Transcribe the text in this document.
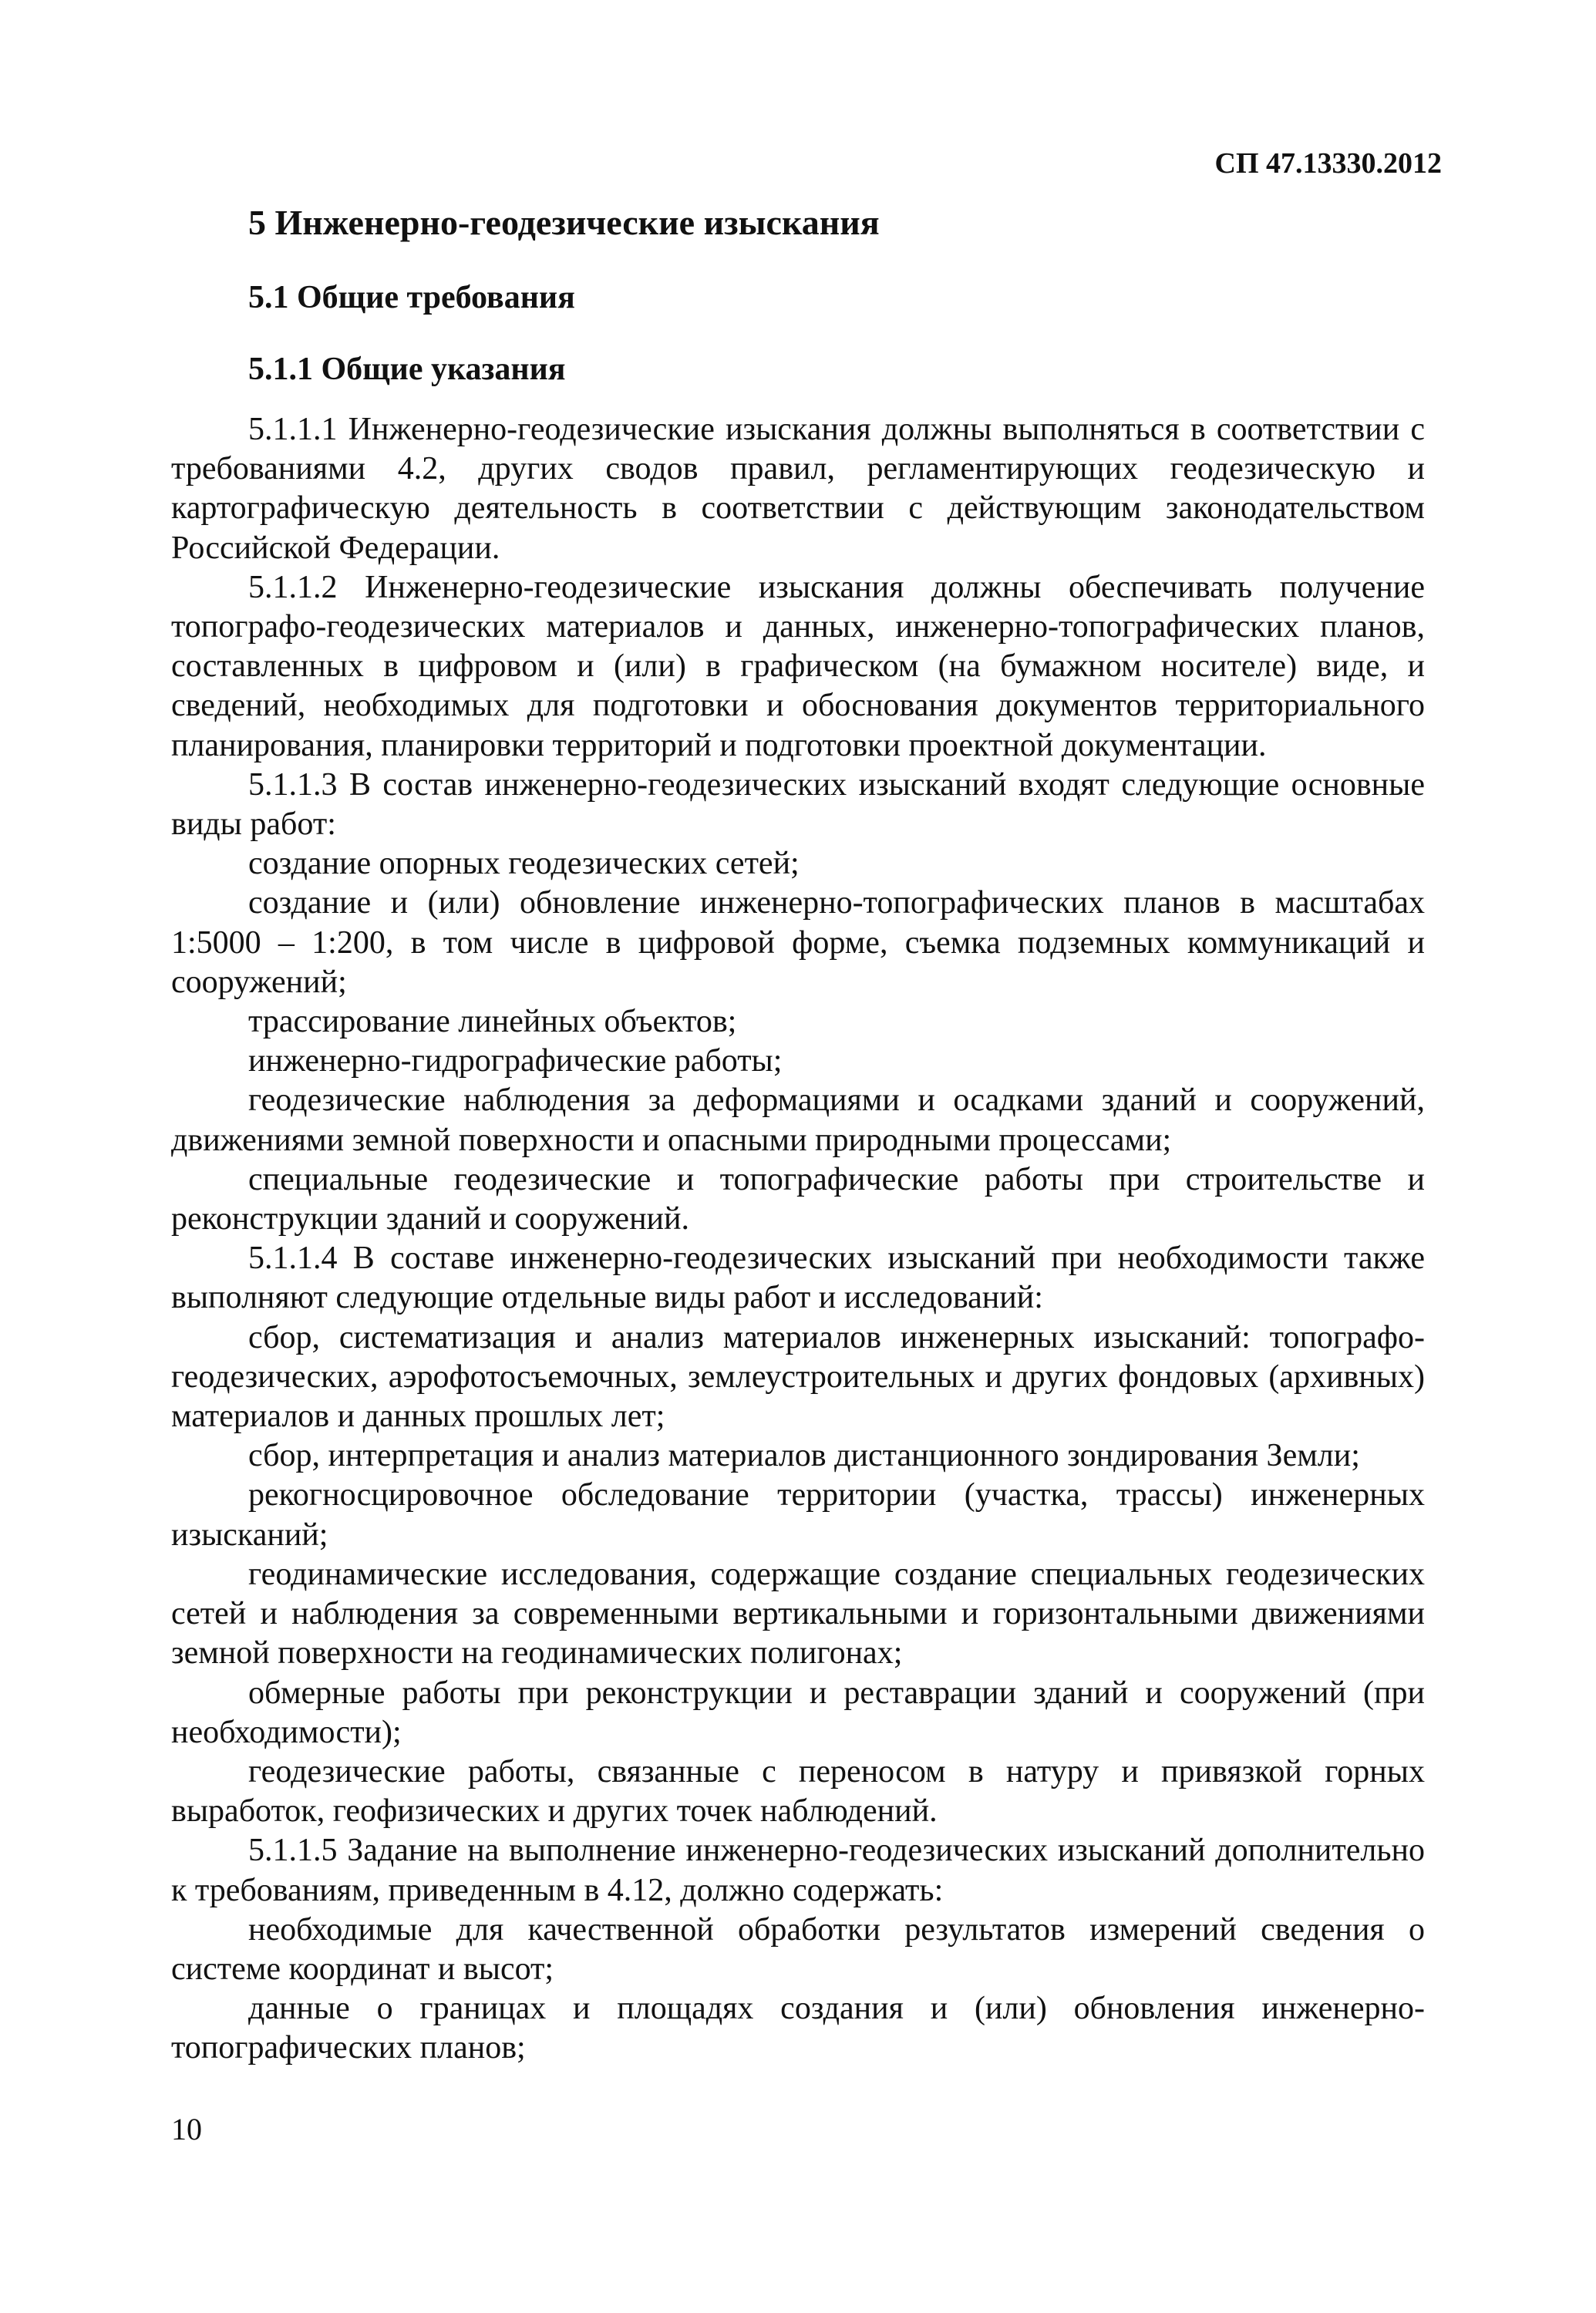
СП 47.13330.2012
5 Инженерно-геодезические изыскания
5.1 Общие требования
5.1.1 Общие указания

5.1.1.1 Инженерно-геодезические изыскания должны выполняться в соответствии с требованиями 4.2, других сводов правил, регламентирующих геодезическую и картографическую деятельность в соответствии с действующим законодательством Российской Федерации.

5.1.1.2 Инженерно-геодезические изыскания должны обеспечивать получение топографо-геодезических материалов и данных, инженерно-топографических планов, составленных в цифровом и (или) в графическом (на бумажном носителе) виде, и сведений, необходимых для подготовки и обоснования документов территориального планирования, планировки территорий и подготовки проектной документации.

5.1.1.3 В состав инженерно-геодезических изысканий входят следующие основные виды работ:

создание опорных геодезических сетей;

создание и (или) обновление инженерно-топографических планов в масштабах 1:5000 – 1:200, в том числе в цифровой форме, съемка подземных коммуникаций и сооружений;

трассирование линейных объектов;

инженерно-гидрографические работы;

геодезические наблюдения за деформациями и осадками зданий и сооружений, движениями земной поверхности и опасными природными процессами;

специальные геодезические и топографические работы при строительстве и реконструкции зданий и сооружений.

5.1.1.4 В составе инженерно-геодезических изысканий при необходимости также выполняют следующие отдельные виды работ и исследований:

сбор, систематизация и анализ материалов инженерных изысканий: топографо-геодезических, аэрофотосъемочных, землеустроительных и других фондовых (архивных) материалов и данных прошлых лет;

сбор, интерпретация и анализ материалов дистанционного зондирования Земли;

рекогносцировочное обследование территории (участка, трассы) инженерных изысканий;

геодинамические исследования, содержащие создание специальных геодезических сетей и наблюдения за современными вертикальными и горизонтальными движениями земной поверхности на геодинамических полигонах;

обмерные работы при реконструкции и реставрации зданий и сооружений (при необходимости);

геодезические работы, связанные с переносом в натуру и привязкой горных выработок, геофизических и других точек наблюдений.

5.1.1.5 Задание на выполнение инженерно-геодезических изысканий дополнительно к требованиям, приведенным в 4.12, должно содержать:

необходимые для качественной обработки результатов измерений сведения о системе координат и высот;

данные о границах и площадях создания и (или) обновления инженерно-топографических планов;

10
